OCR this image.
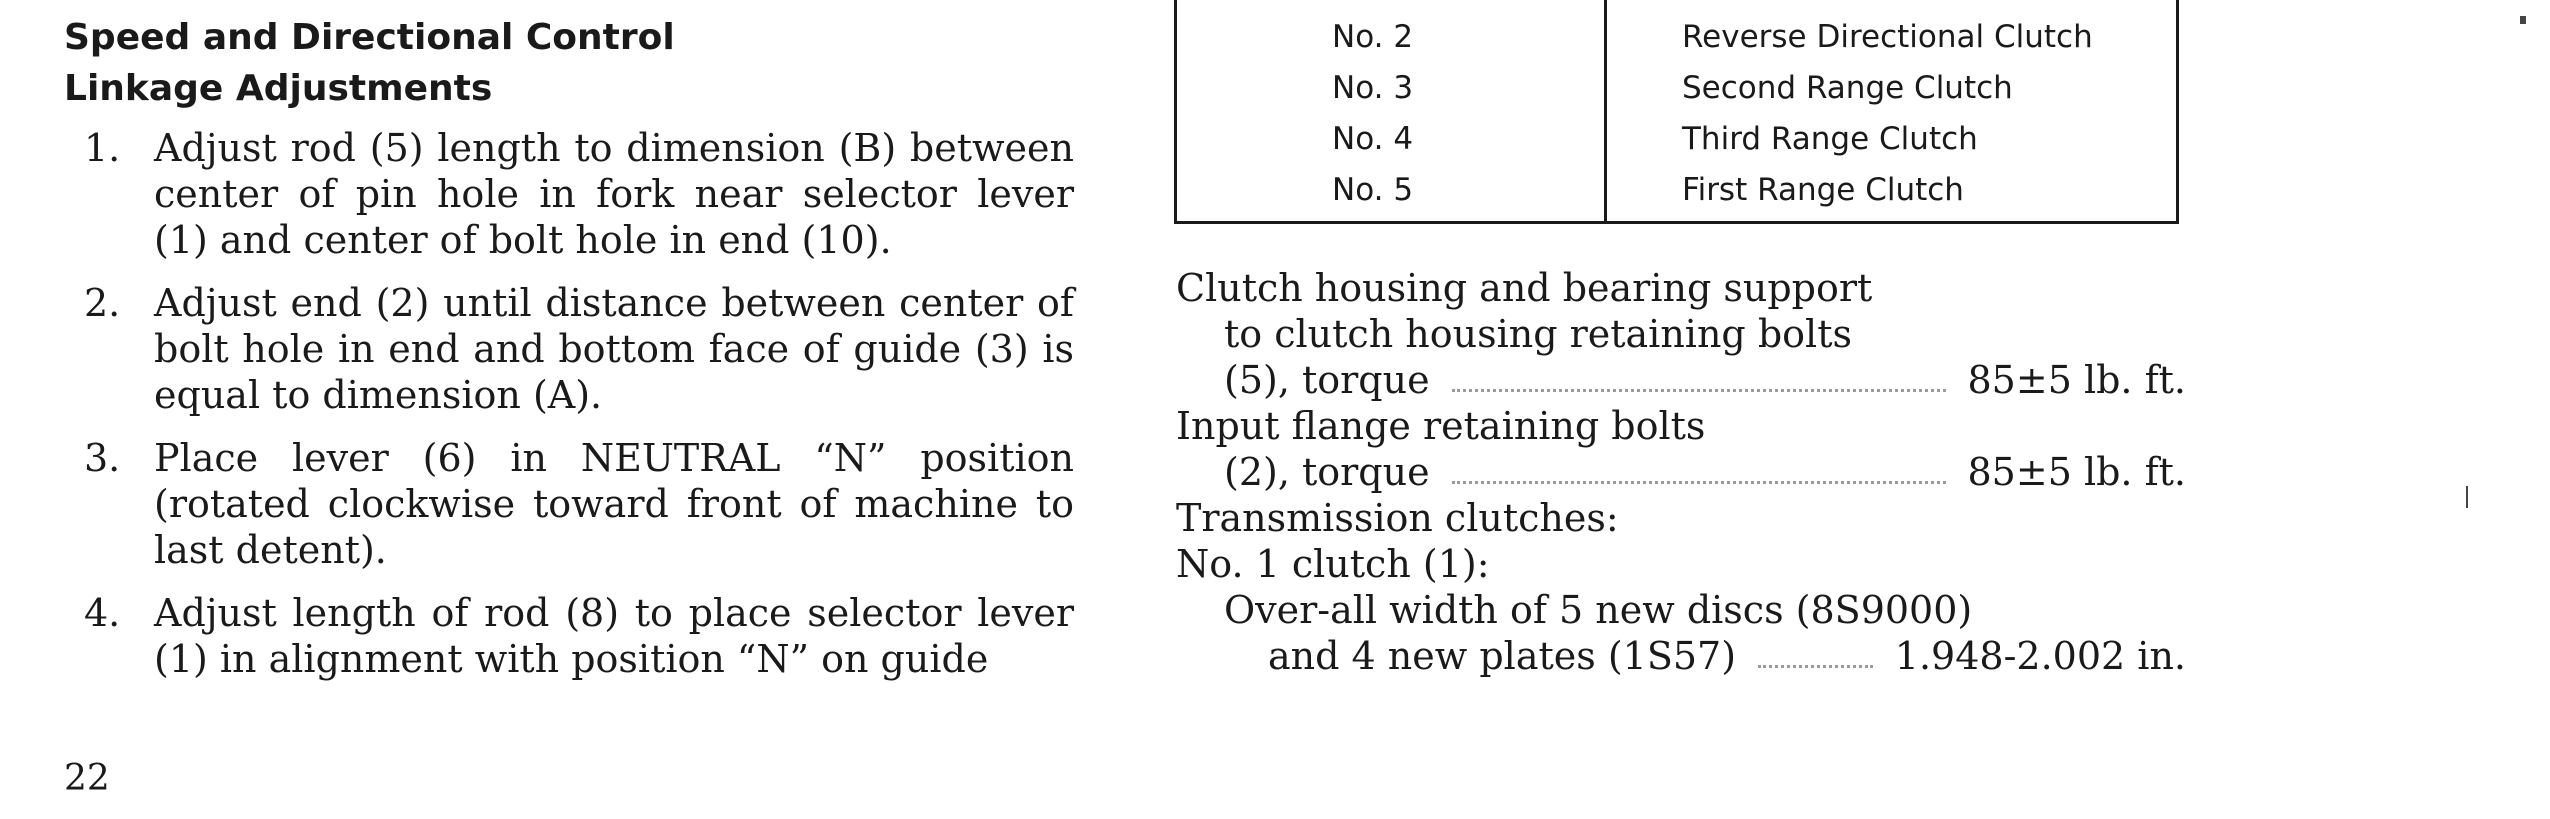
Speed and Directional Control
Linkage Adjustments
1. Adjust rod (5) length to dimension (B) between center of pin hole in fork near selector lever (1) and center of bolt hole in end (10).
2. Adjust end (2) until distance between center of bolt hole in end and bottom face of guide (3) is equal to dimension (A).
3. Place lever (6) in NEUTRAL “N” position (rotated clockwise toward front of machine to last detent).
4. Adjust length of rod (8) to place selector lever (1) in alignment with position “N” on guide
22
No. 2	Reverse Directional Clutch
No. 3	Second Range Clutch
No. 4	Third Range Clutch
No. 5	First Range Clutch
Clutch housing and bearing support
to clutch housing retaining bolts
(5), torque	85±5 lb. ft.
Input flange retaining bolts
(2), torque	85±5 lb. ft.
Transmission clutches:
No. 1 clutch (1):
Over-all width of 5 new discs (8S9000)
and 4 new plates (1S57)	1.948-2.002 in.
